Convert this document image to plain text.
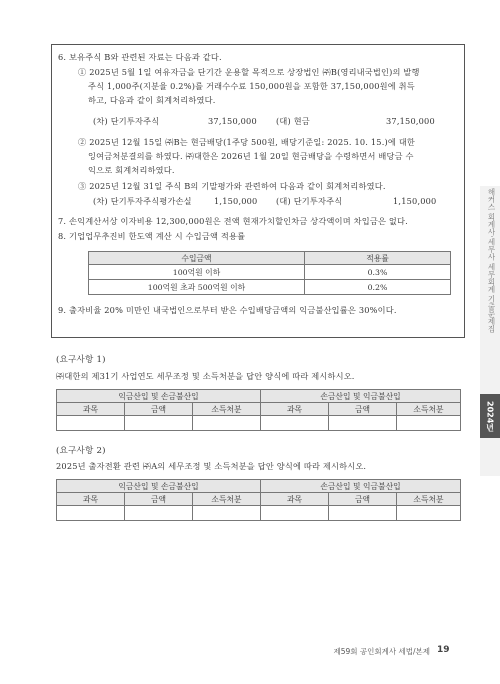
6. 보유주식 B와 관련된 자료는 다음과 같다.
① 2025년 5월 1일 여유자금을 단기간 운용할 목적으로 상장법인 ㈜B(영리내국법인)의 발행
주식 1,000주(지분율 0.2%)를 거래수수료 150,000원을 포함한 37,150,000원에 취득
하고, 다음과 같이 회계처리하였다.
(차) 단기투자주식	37,150,000 (대) 현금	37,150,000
② 2025년 12월 15일 ㈜B는 현금배당(1주당 500원, 배당기준일: 2025. 10. 15.)에 대한
잉여금처분결의를 하였다. ㈜대한은 2026년 1월 20일 현금배당을 수령하면서 배당금 수
익으로 회계처리하였다.
③ 2025년 12월 31일 주식 B의 기말평가와 관련하여 다음과 같이 회계처리하였다.
(차) 단기투자주식평가손실	1,150,000 (대) 단기투자주식	1,150,000
7. 손익계산서상 이자비용 12,300,000원은 전액 현재가치할인차금 상각액이며 차입금은 없다.
8. 기업업무추진비 한도액 계산 시 수입금액 적용률
수입금액	적용률
100억원 이하	0.3%
100억원 초과 500억원 이하	0.2%
9. 출자비율 20% 미만인 내국법인으로부터 받은 수입배당금액의 익금불산입률은 30%이다.
(요구사항 1)
㈜대한의 제31기 사업연도 세무조정 및 소득처분을 답안 양식에 따라 제시하시오.
익금산입 및 손금불산입			손금산입 및 익금불산입		
과목	금액	소득처분	과목	금액	소득처분

(요구사항 2)
2025년 출자전환 관련 ㈜A의 세무조정 및 소득처분을 답안 양식에 따라 제시하시오.
익금산입 및 손금불산입			손금산입 및 익금불산입		
과목	금액	소득처분	과목	금액	소득처분

해커스 회계사·세무사 세무회계 기출문제집
2024년
제59회 공인회계사 세법/본제 19
